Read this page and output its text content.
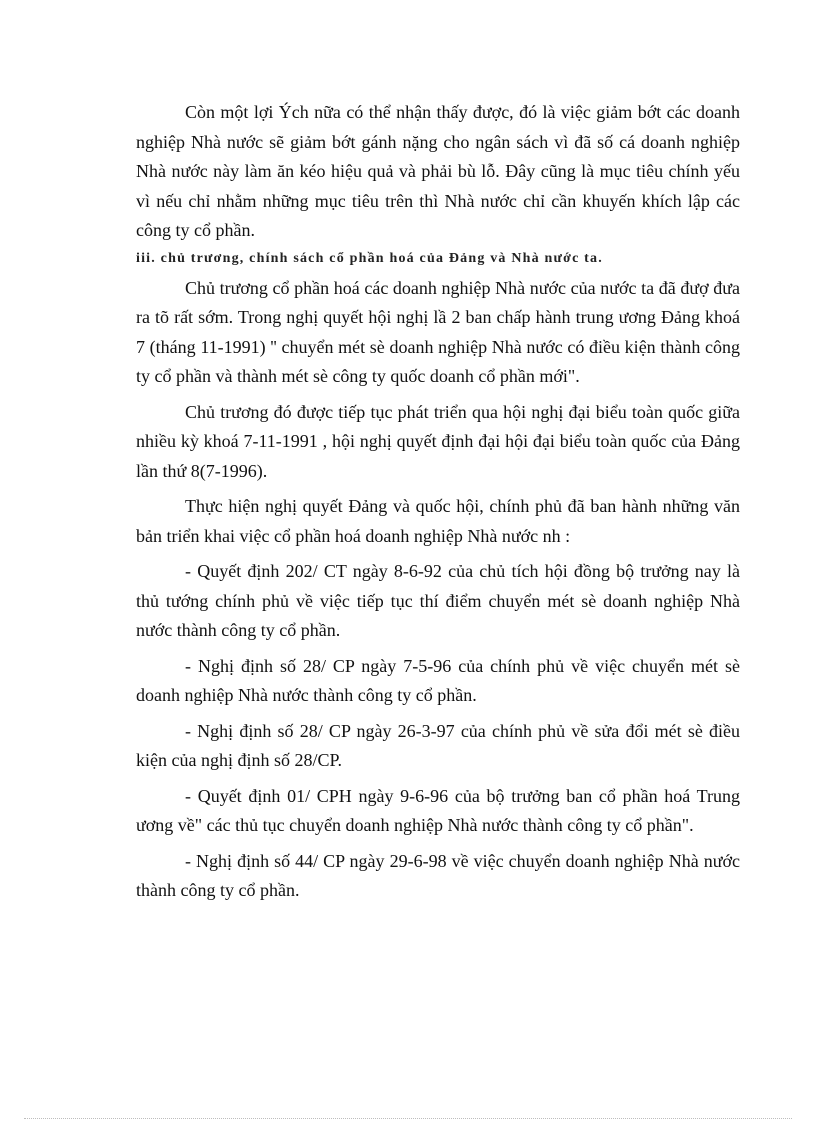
Còn một lợi Ých nữa có thể nhận thấy được, đó là việc giảm bớt các doanh nghiệp Nhà nước sẽ giảm bớt gánh nặng cho ngân sách vì đã số cá doanh nghiệp Nhà nước này làm ăn kéo hiệu quả và phải bù lỗ. Đây cũng là mục tiêu chính yếu vì nếu chỉ nhằm những mục tiêu trên thì Nhà nước chỉ cần khuyến khích lập các công ty cổ phần.

iii. chủ trương, chính sách cổ phần hoá của Đảng và Nhà nước ta.

Chủ trương cổ phần hoá các doanh nghiệp Nhà nước của nước ta đã đượ đưa ra tõ rất sớm. Trong nghị quyết hội nghị lầ 2 ban chấp hành trung ương Đảng khoá 7 (tháng 11-1991) '' chuyển mét sè doanh nghiệp Nhà nước có điều kiện thành công ty cổ phần và thành mét sè công ty quốc doanh cổ phần mới".

Chủ trương đó được tiếp tục phát triển qua hội nghị đại biểu toàn quốc giữa nhiều kỳ khoá 7-11-1991 , hội nghị quyết định đại hội đại biểu toàn quốc của Đảng lần thứ 8(7-1996).

Thực hiện nghị quyết Đảng và quốc hội, chính phủ đã ban hành những văn bản triển khai việc cổ phần hoá doanh nghiệp Nhà nước nh :

- Quyết định 202/ CT ngày 8-6-92 của chủ tích hội đồng bộ trưởng nay là thủ tướng chính phủ về việc tiếp tục thí điểm chuyển mét sè doanh nghiệp Nhà nước thành công ty cổ phần.

- Nghị định số 28/ CP ngày 7-5-96 của chính phủ về việc chuyển mét sè doanh nghiệp Nhà nước thành công ty cổ phần.

- Nghị định số 28/ CP ngày 26-3-97 của chính phủ về sửa đổi mét sè điều kiện của nghị định số 28/CP.

- Quyết định 01/ CPH ngày 9-6-96 của bộ trưởng ban cổ phần hoá Trung ương về" các thủ tục chuyển doanh nghiệp Nhà nước thành công ty cổ phần".

- Nghị định số 44/ CP ngày 29-6-98 về việc chuyển doanh nghiệp Nhà nước thành công ty cổ phần.
